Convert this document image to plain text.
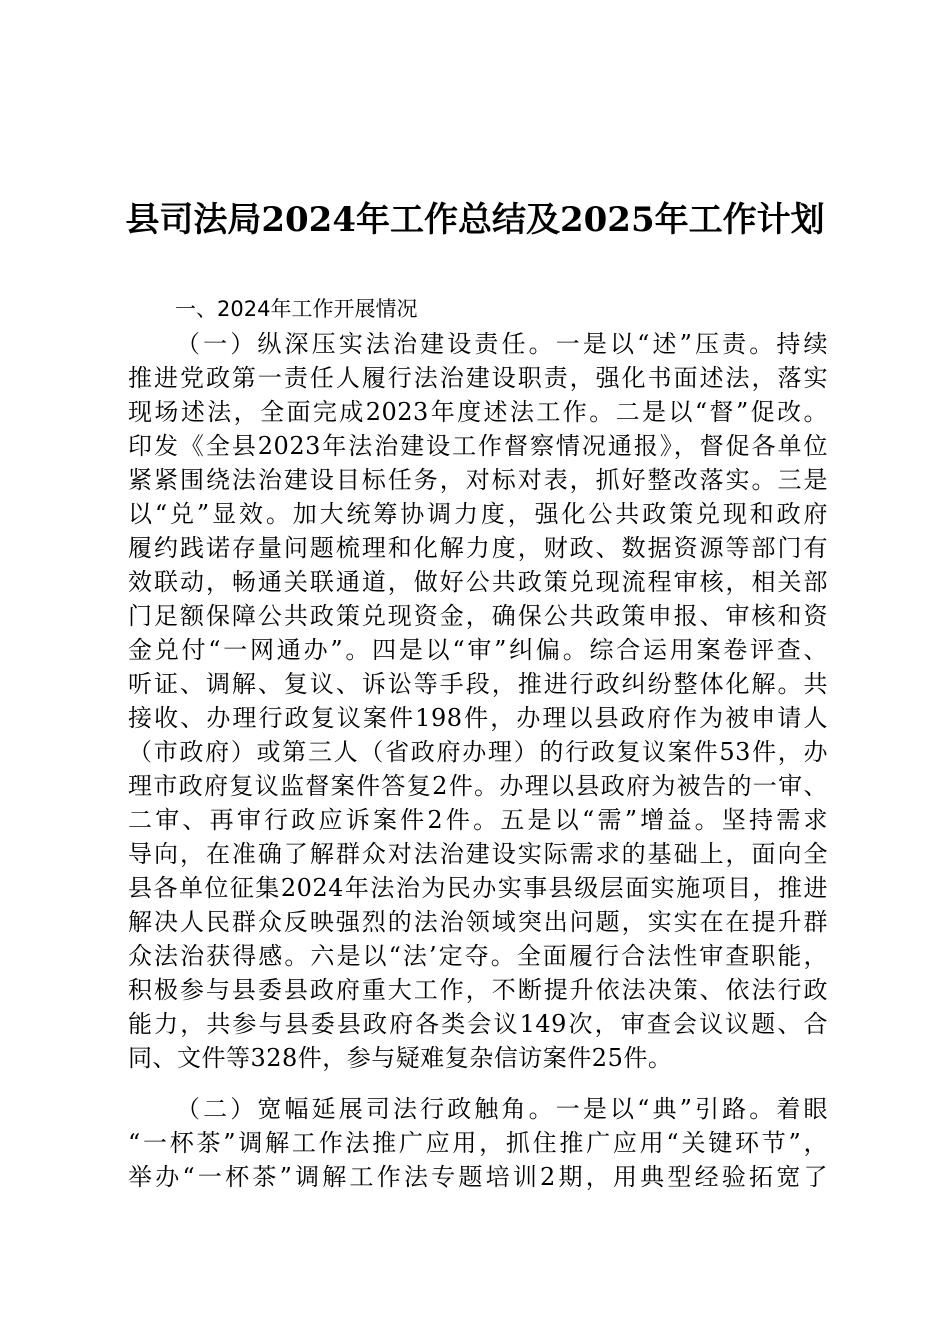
县司法局2024年工作总结及2025年工作计划
一、2024年工作开展情况
（一）纵深压实法治建设责任。一是以“述”压责。持续
推进党政第一责任人履行法治建设职责，强化书面述法，落实
现场述法，全面完成2023年度述法工作。二是以“督”促改。
印发《全县2023年法治建设工作督察情况通报》，督促各单位
紧紧围绕法治建设目标任务，对标对表，抓好整改落实。三是
以“兑”显效。加大统筹协调力度，强化公共政策兑现和政府
履约践诺存量问题梳理和化解力度，财政、数据资源等部门有
效联动，畅通关联通道，做好公共政策兑现流程审核，相关部
门足额保障公共政策兑现资金，确保公共政策申报、审核和资
金兑付“一网通办”。四是以“审”纠偏。综合运用案卷评查、
听证、调解、复议、诉讼等手段，推进行政纠纷整体化解。共
接收、办理行政复议案件198件，办理以县政府作为被申请人
（市政府）或第三人（省政府办理）的行政复议案件53件，办
理市政府复议监督案件答复2件。办理以县政府为被告的一审、
二审、再审行政应诉案件2件。五是以“需”增益。坚持需求
导向，在准确了解群众对法治建设实际需求的基础上，面向全
县各单位征集2024年法治为民办实事县级层面实施项目，推进
解决人民群众反映强烈的法治领域突出问题，实实在在提升群
众法治获得感。六是以“法’定夺。全面履行合法性审查职能，
积极参与县委县政府重大工作，不断提升依法决策、依法行政
能力，共参与县委县政府各类会议149次，审查会议议题、合
同、文件等328件，参与疑难复杂信访案件25件。
（二）宽幅延展司法行政触角。一是以“典”引路。着眼
“一杯茶”调解工作法推广应用，抓住推广应用“关键环节”，
举办“一杯茶”调解工作法专题培训2期，用典型经验拓宽了
